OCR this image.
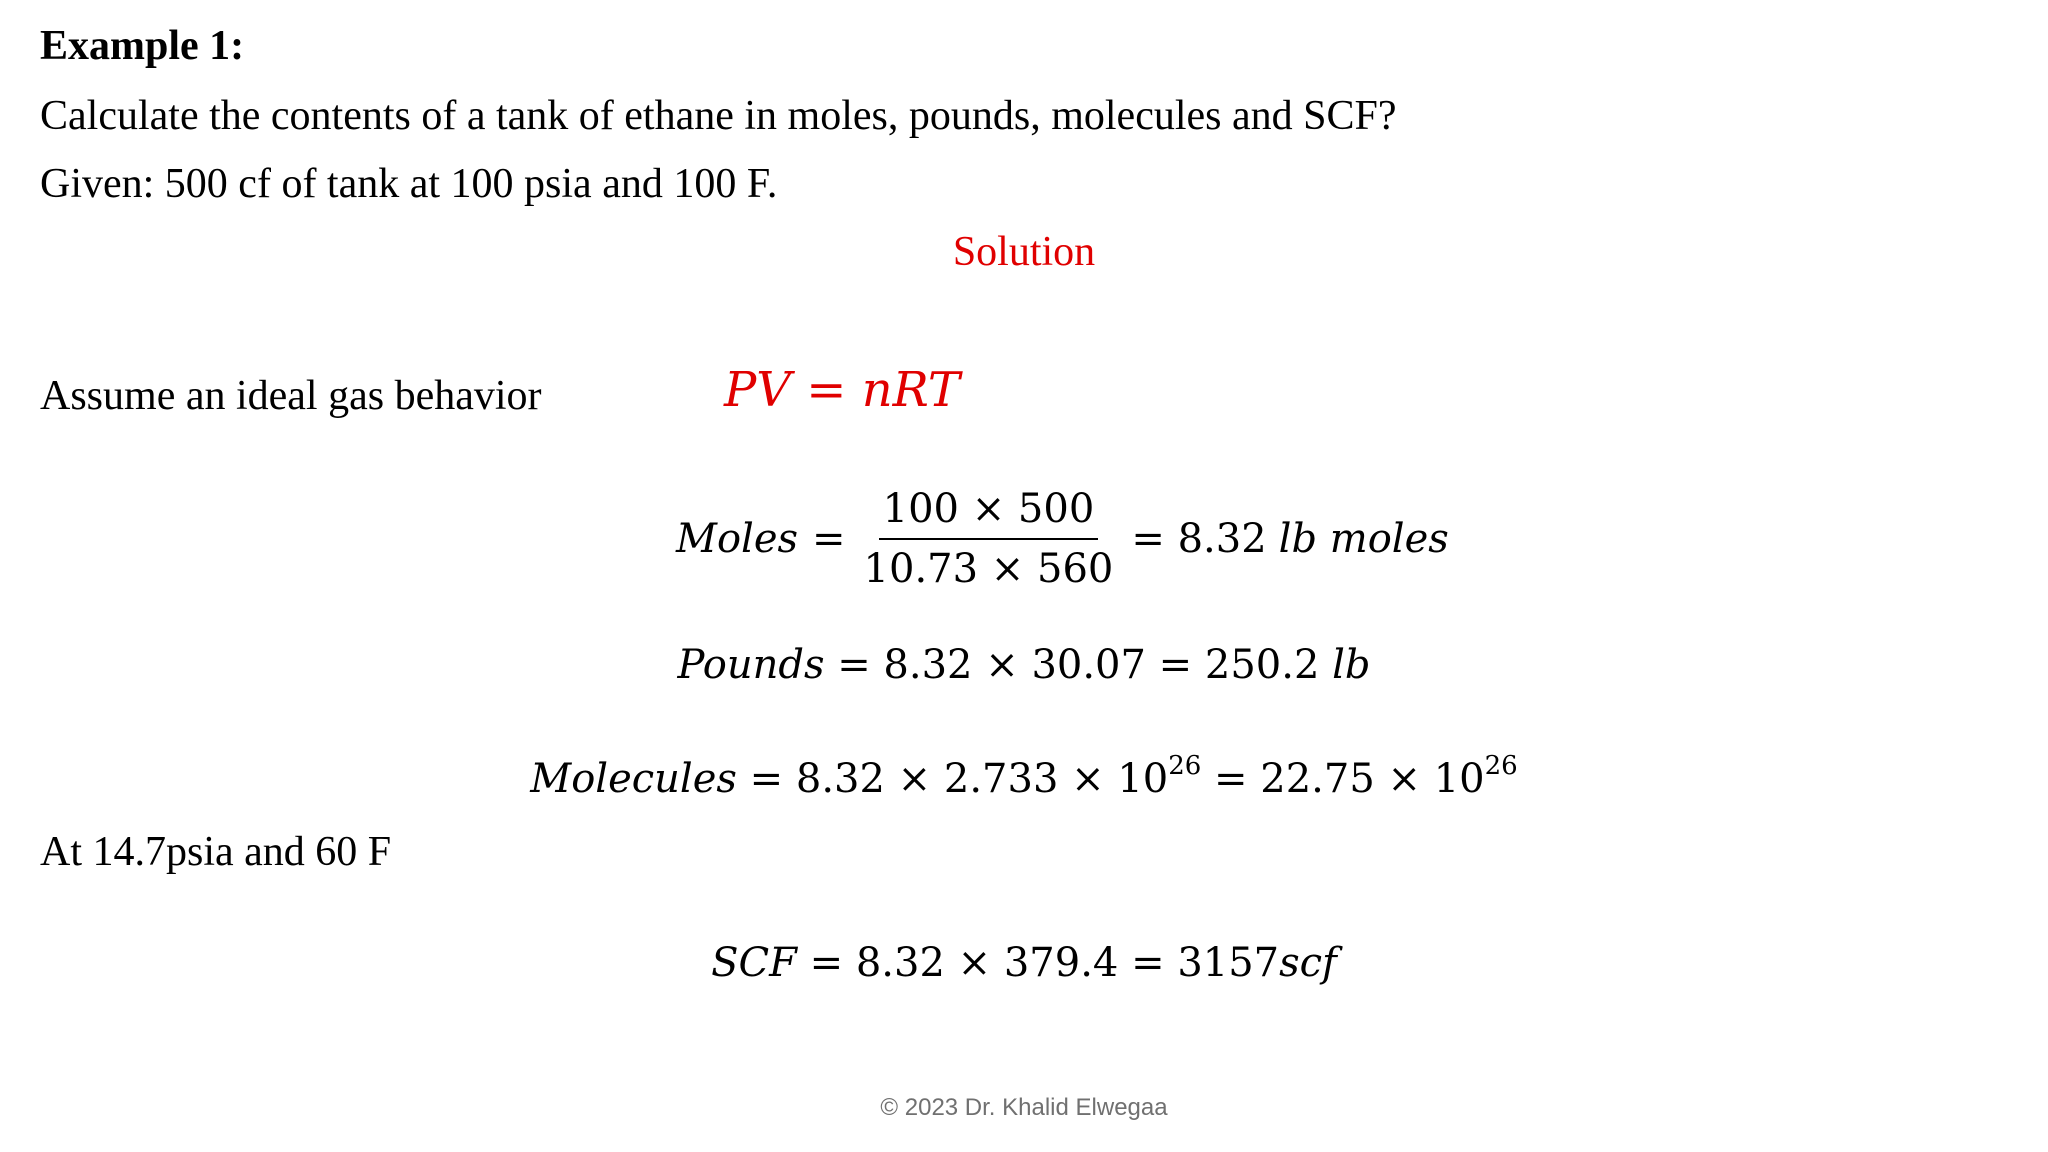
Example 1:
Calculate the contents of a tank of ethane in moles, pounds, molecules and SCF?
Given: 500 cf of tank at 100 psia and 100 F.
Solution
Assume an ideal gas behavior	PV = nRT
Moles = $\frac{100 \times 500}{10.73 \times 560} = 8.32$ lb moles
Pounds = 8.32 × 30.07 = 250.2 lb
Molecules = $8.32 \times 2.733 \times 10^{26} = 22.75 \times 10^{26}$
At 14.7psia and 60 F
SCF = 8.32 × 379.4 = 3157scf
© 2023 Dr. Khalid Elwegaa
